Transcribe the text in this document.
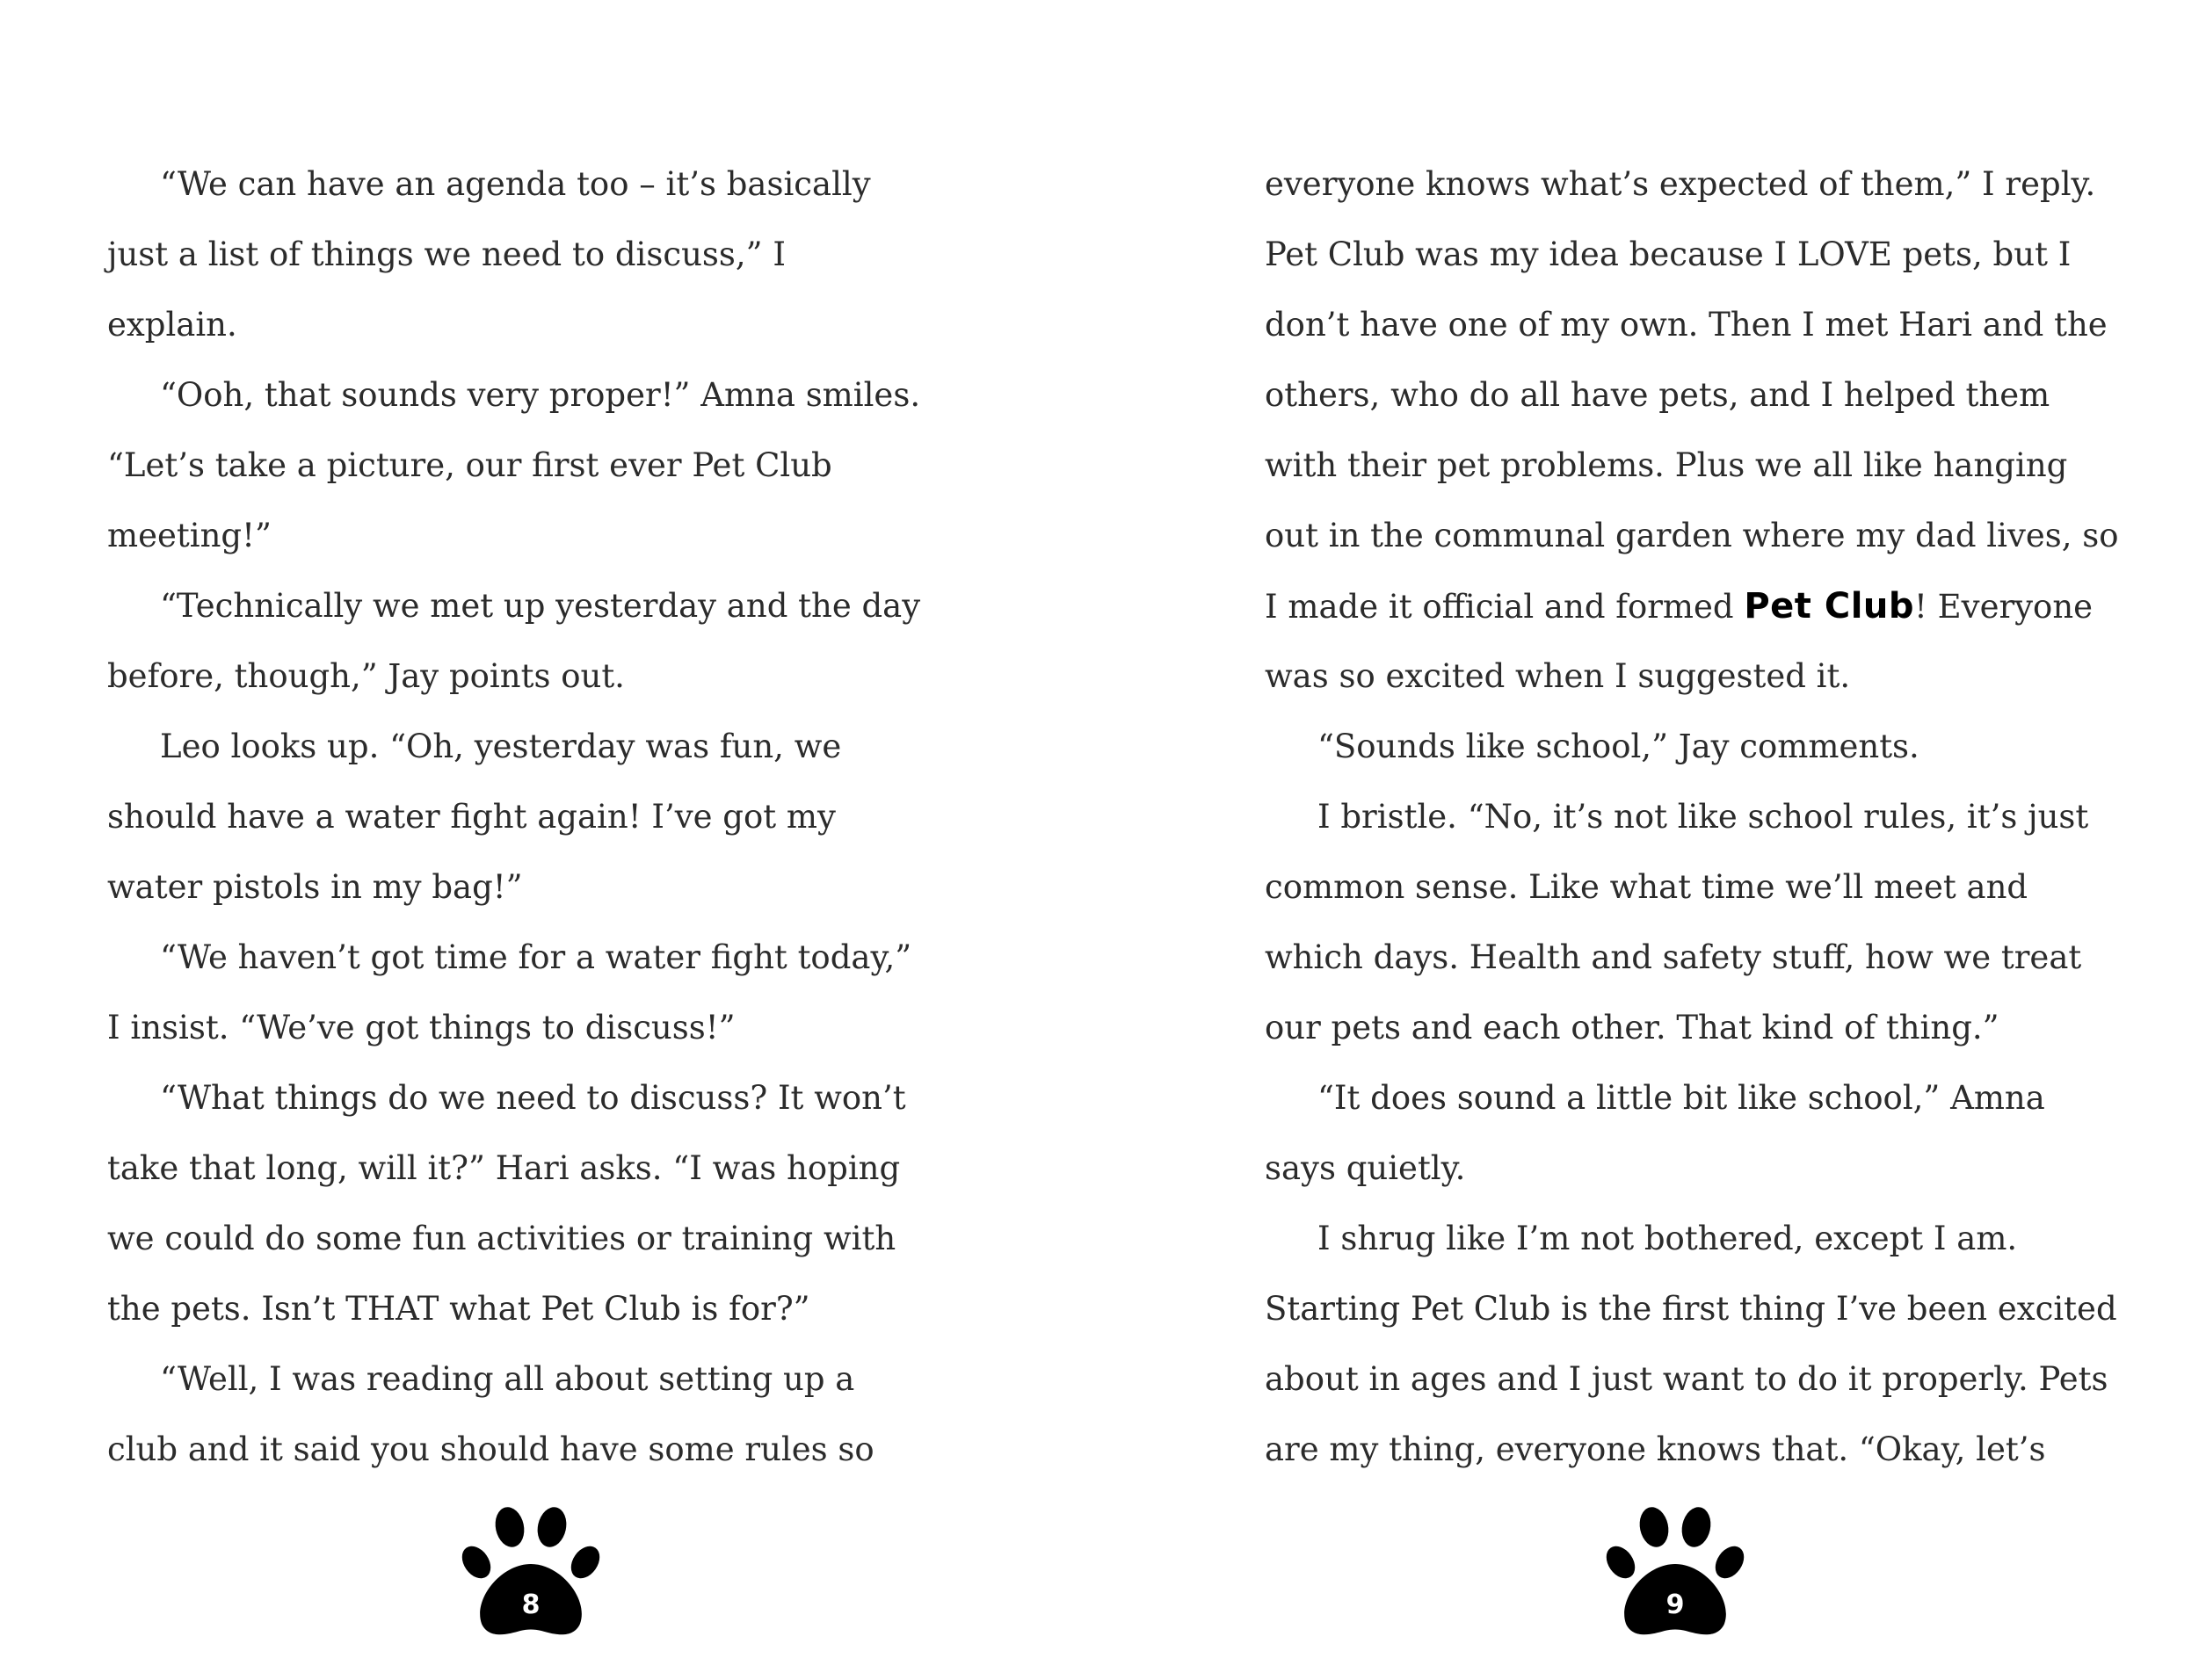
“We can have an agenda too – it’s basically
just a list of things we need to discuss,” I
explain.
“Ooh, that sounds very proper!” Amna smiles.
“Let’s take a picture, our first ever Pet Club
meeting!”
“Technically we met up yesterday and the day
before, though,” Jay points out.
Leo looks up. “Oh, yesterday was fun, we
should have a water fight again! I’ve got my
water pistols in my bag!”
“We haven’t got time for a water fight today,”
I insist. “We’ve got things to discuss!”
“What things do we need to discuss? It won’t
take that long, will it?” Hari asks. “I was hoping
we could do some fun activities or training with
the pets. Isn’t THAT what Pet Club is for?”
“Well, I was reading all about setting up a
club and it said you should have some rules so
everyone knows what’s expected of them,” I reply.
Pet Club was my idea because I LOVE pets, but I
don’t have one of my own. Then I met Hari and the
others, who do all have pets, and I helped them
with their pet problems. Plus we all like hanging
out in the communal garden where my dad lives, so
I made it official and formed Pet Club! Everyone
was so excited when I suggested it.
“Sounds like school,” Jay comments.
I bristle. “No, it’s not like school rules, it’s just
common sense. Like what time we’ll meet and
which days. Health and safety stuff, how we treat
our pets and each other. That kind of thing.”
“It does sound a little bit like school,” Amna
says quietly.
I shrug like I’m not bothered, except I am.
Starting Pet Club is the first thing I’ve been excited
about in ages and I just want to do it properly. Pets
are my thing, everyone knows that. “Okay, let’s
8	9
